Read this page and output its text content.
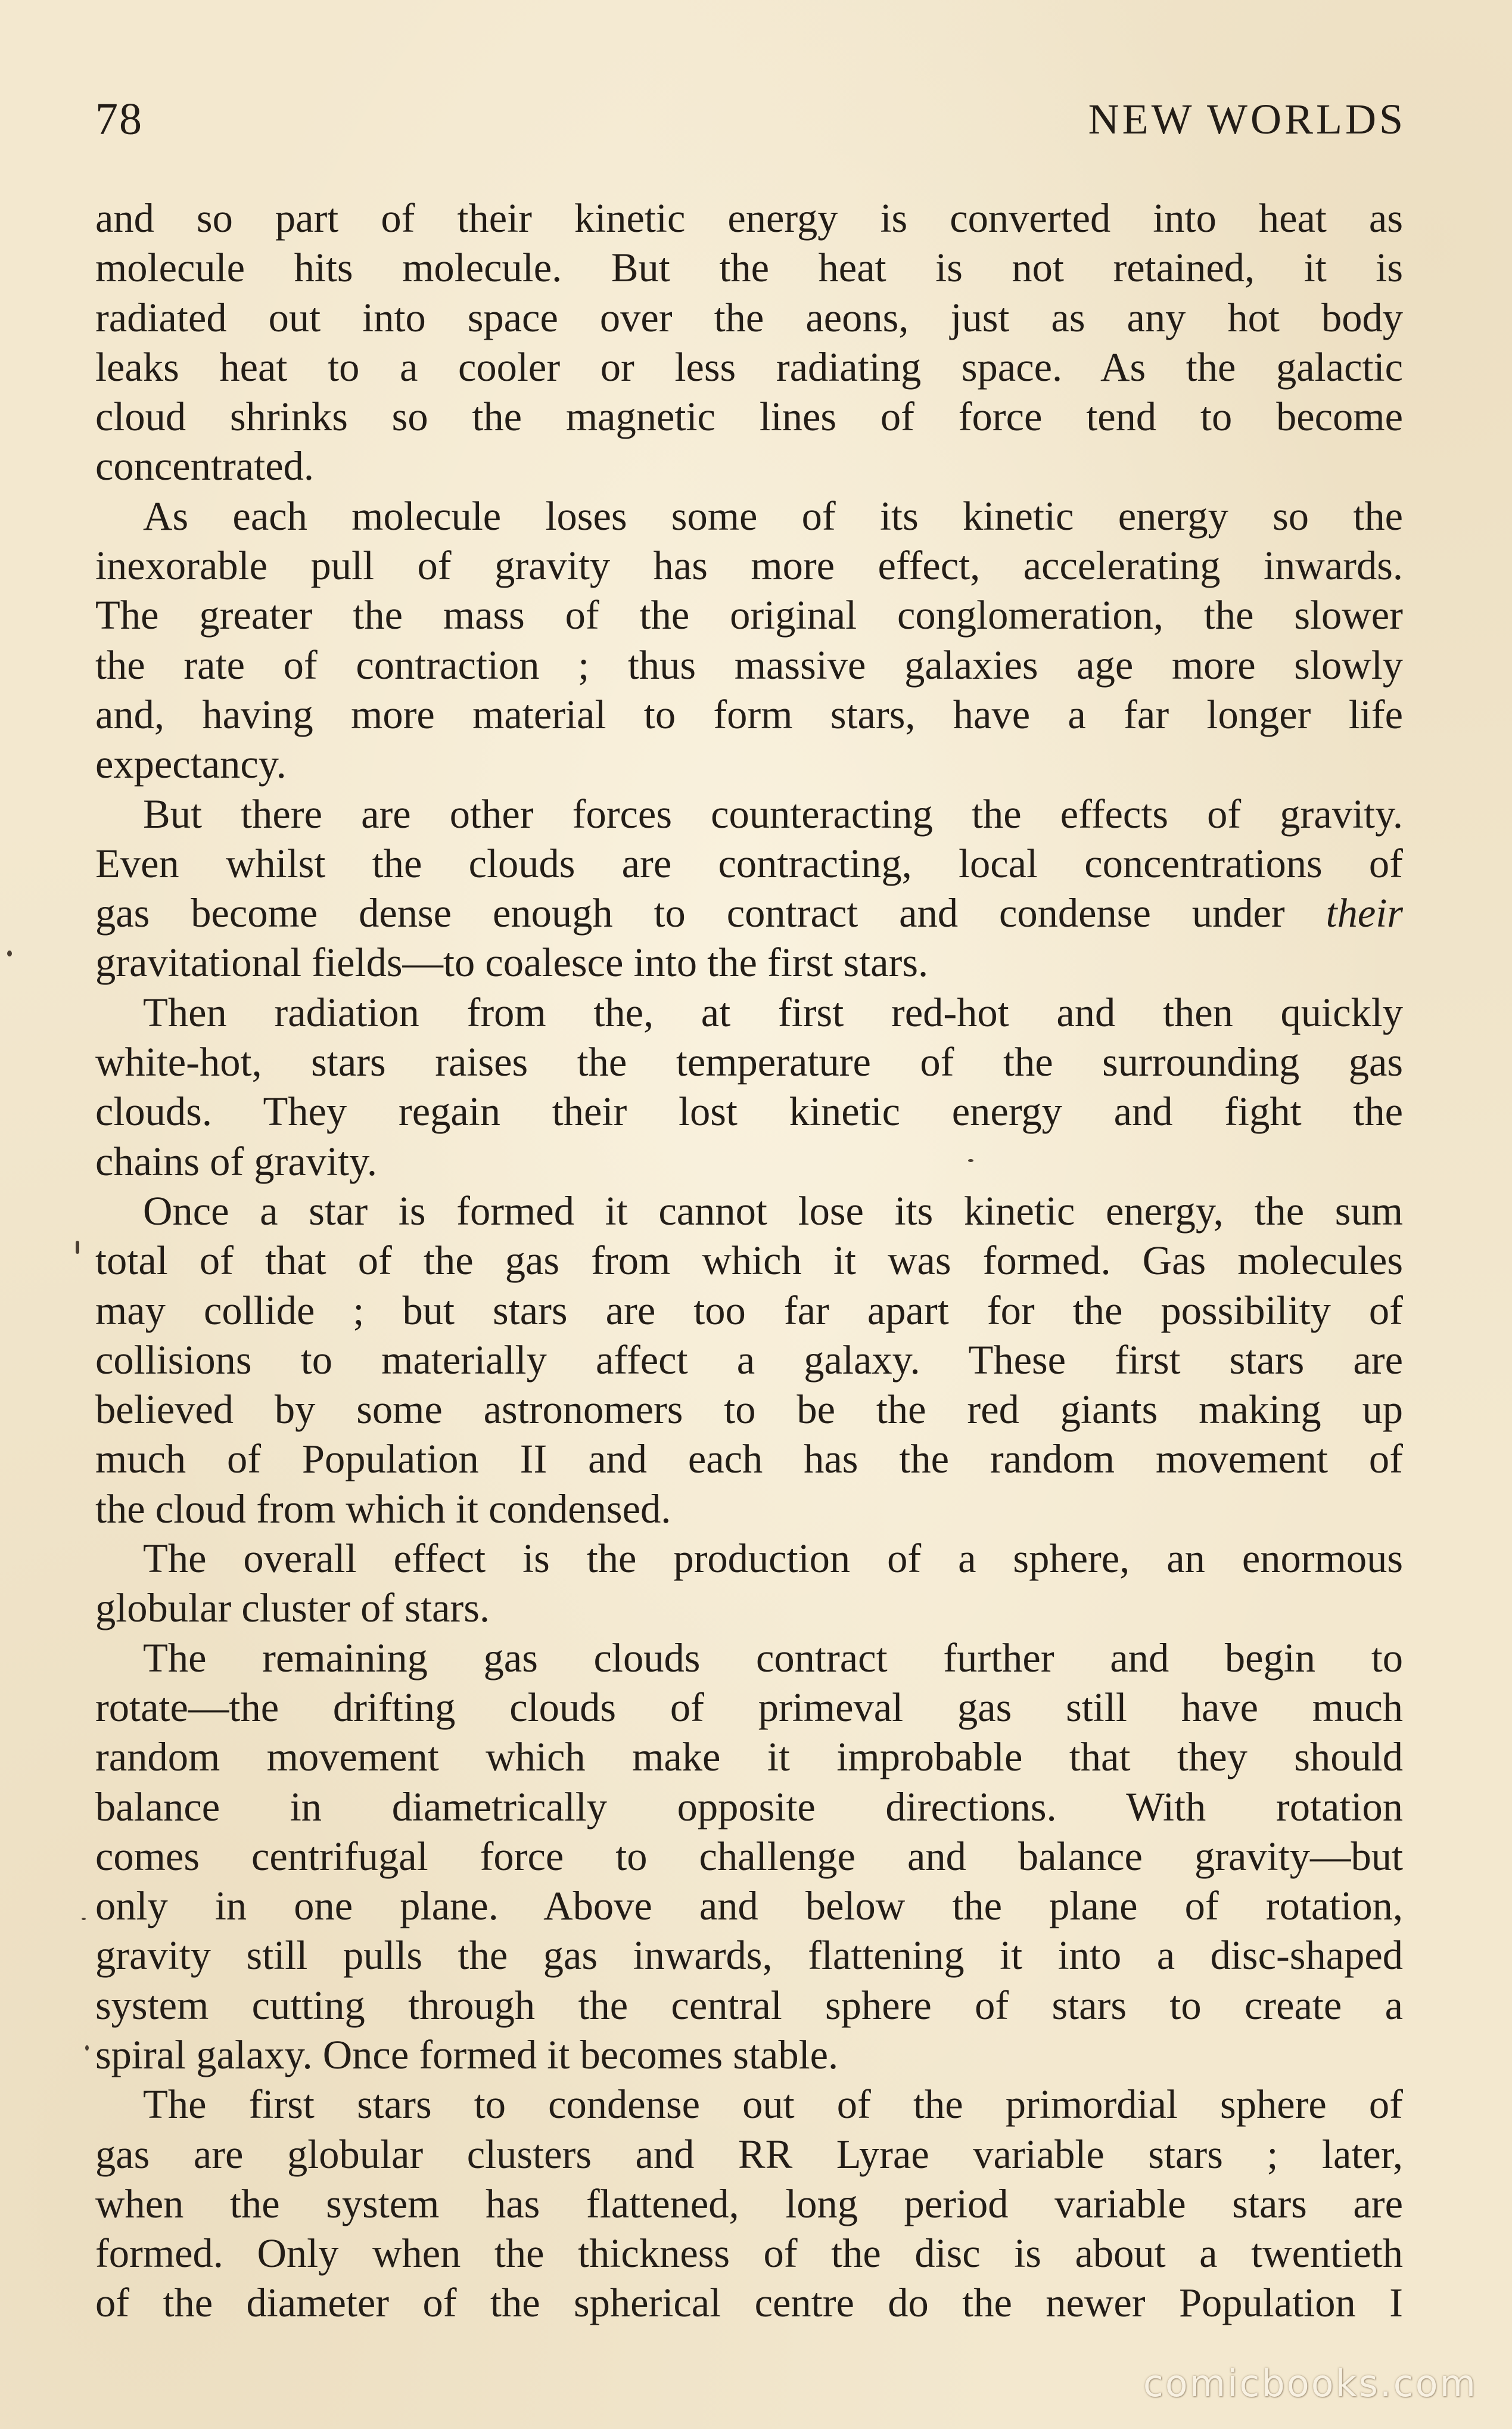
78	NEW WORLDS
and so part of their kinetic energy is converted into heat as
molecule hits molecule. But the heat is not retained, it is
radiated out into space over the aeons, just as any hot body
leaks heat to a cooler or less radiating space. As the galactic
cloud shrinks so the magnetic lines of force tend to become
concentrated.
As each molecule loses some of its kinetic energy so the
inexorable pull of gravity has more effect, accelerating inwards.
The greater the mass of the original conglomeration, the slower
the rate of contraction ; thus massive galaxies age more slowly
and, having more material to form stars, have a far longer life
expectancy.
But there are other forces counteracting the effects of gravity.
Even whilst the clouds are contracting, local concentrations of
gas become dense enough to contract and condense under their
gravitational fields—to coalesce into the first stars.
Then radiation from the, at first red-hot and then quickly
white-hot, stars raises the temperature of the surrounding gas
clouds. They regain their lost kinetic energy and fight the
chains of gravity.
Once a star is formed it cannot lose its kinetic energy, the sum
total of that of the gas from which it was formed. Gas molecules
may collide ; but stars are too far apart for the possibility of
collisions to materially affect a galaxy. These first stars are
believed by some astronomers to be the red giants making up
much of Population II and each has the random movement of
the cloud from which it condensed.
The overall effect is the production of a sphere, an enormous
globular cluster of stars.
The remaining gas clouds contract further and begin to
rotate—the drifting clouds of primeval gas still have much
random movement which make it improbable that they should
balance in diametrically opposite directions. With rotation
comes centrifugal force to challenge and balance gravity—but
only in one plane. Above and below the plane of rotation,
gravity still pulls the gas inwards, flattening it into a disc-shaped
system cutting through the central sphere of stars to create a
spiral galaxy. Once formed it becomes stable.
The first stars to condense out of the primordial sphere of
gas are globular clusters and RR Lyrae variable stars ; later,
when the system has flattened, long period variable stars are
formed. Only when the thickness of the disc is about a twentieth
of the diameter of the spherical centre do the newer Population I
comicbooks.com
